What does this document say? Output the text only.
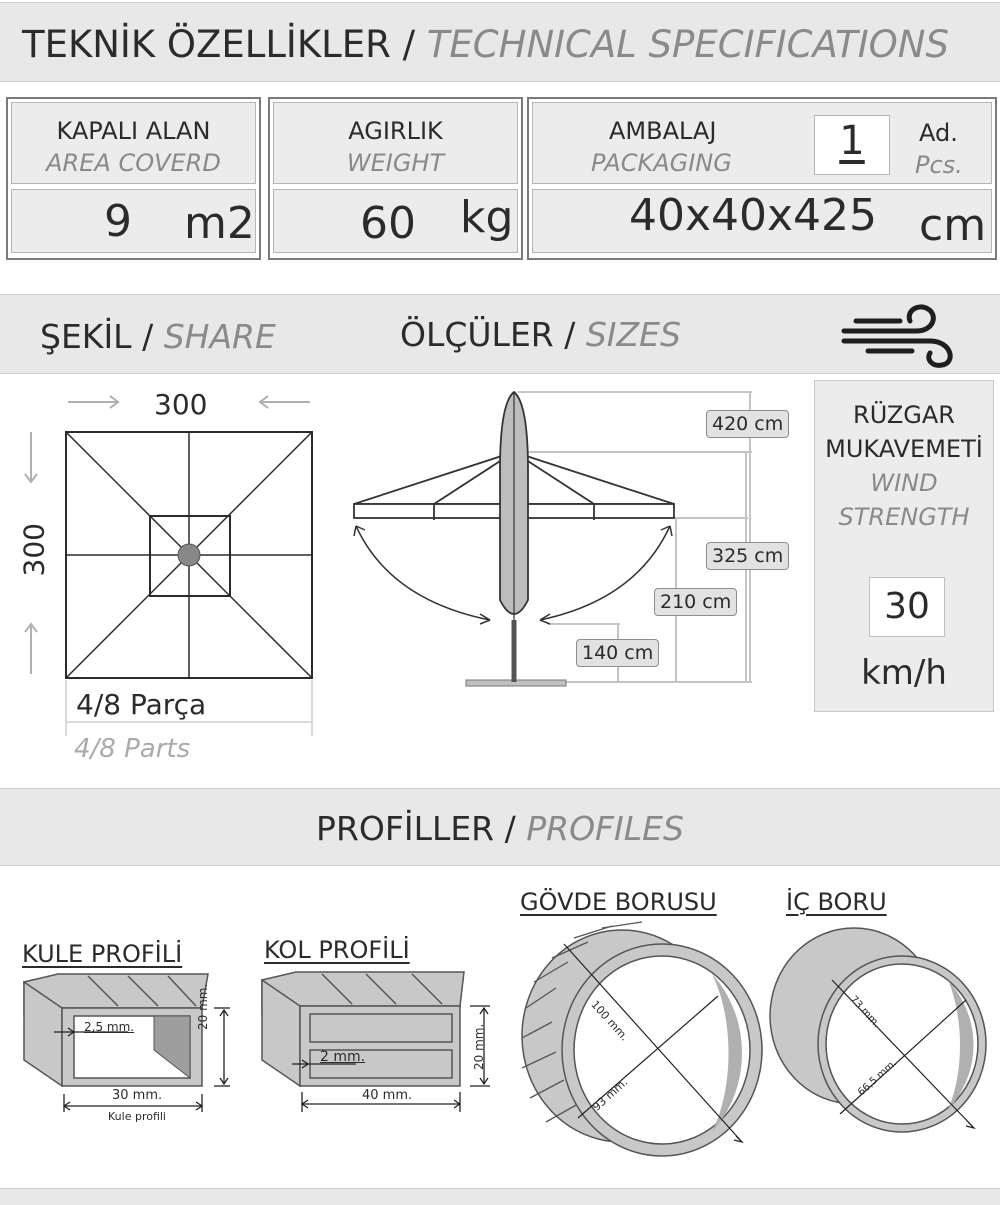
TEKNİK ÖZELLİKLER / TECHNICAL SPECIFICATIONS
KAPALI ALAN
AREA COVERD
9 m2
AGIRLIK
WEIGHT
60 kg
AMBALAJ
PACKAGING	1	Ad.
Pcs.
40x40x425 cm
ŞEKİL / SHARE	ÖLÇÜLER / SIZES
300
300
4/8 Parça
4/8 Parts
420 cm
325 cm
210 cm
140 cm
RÜZGAR
MUKAVEMETİ
WIND
STRENGTH
30
km/h
PROFİLLER / PROFILES
KULE PROFİLİ	KOL PROFİLİ
GÖVDE BORUSU	İÇ BORU
2,5 mm.	20 mm.
30 mm.
Kule profili
2 mm.	20 mm.
40 mm.
100 mm.
93 mm.
73 mm.
66,5 mm.
